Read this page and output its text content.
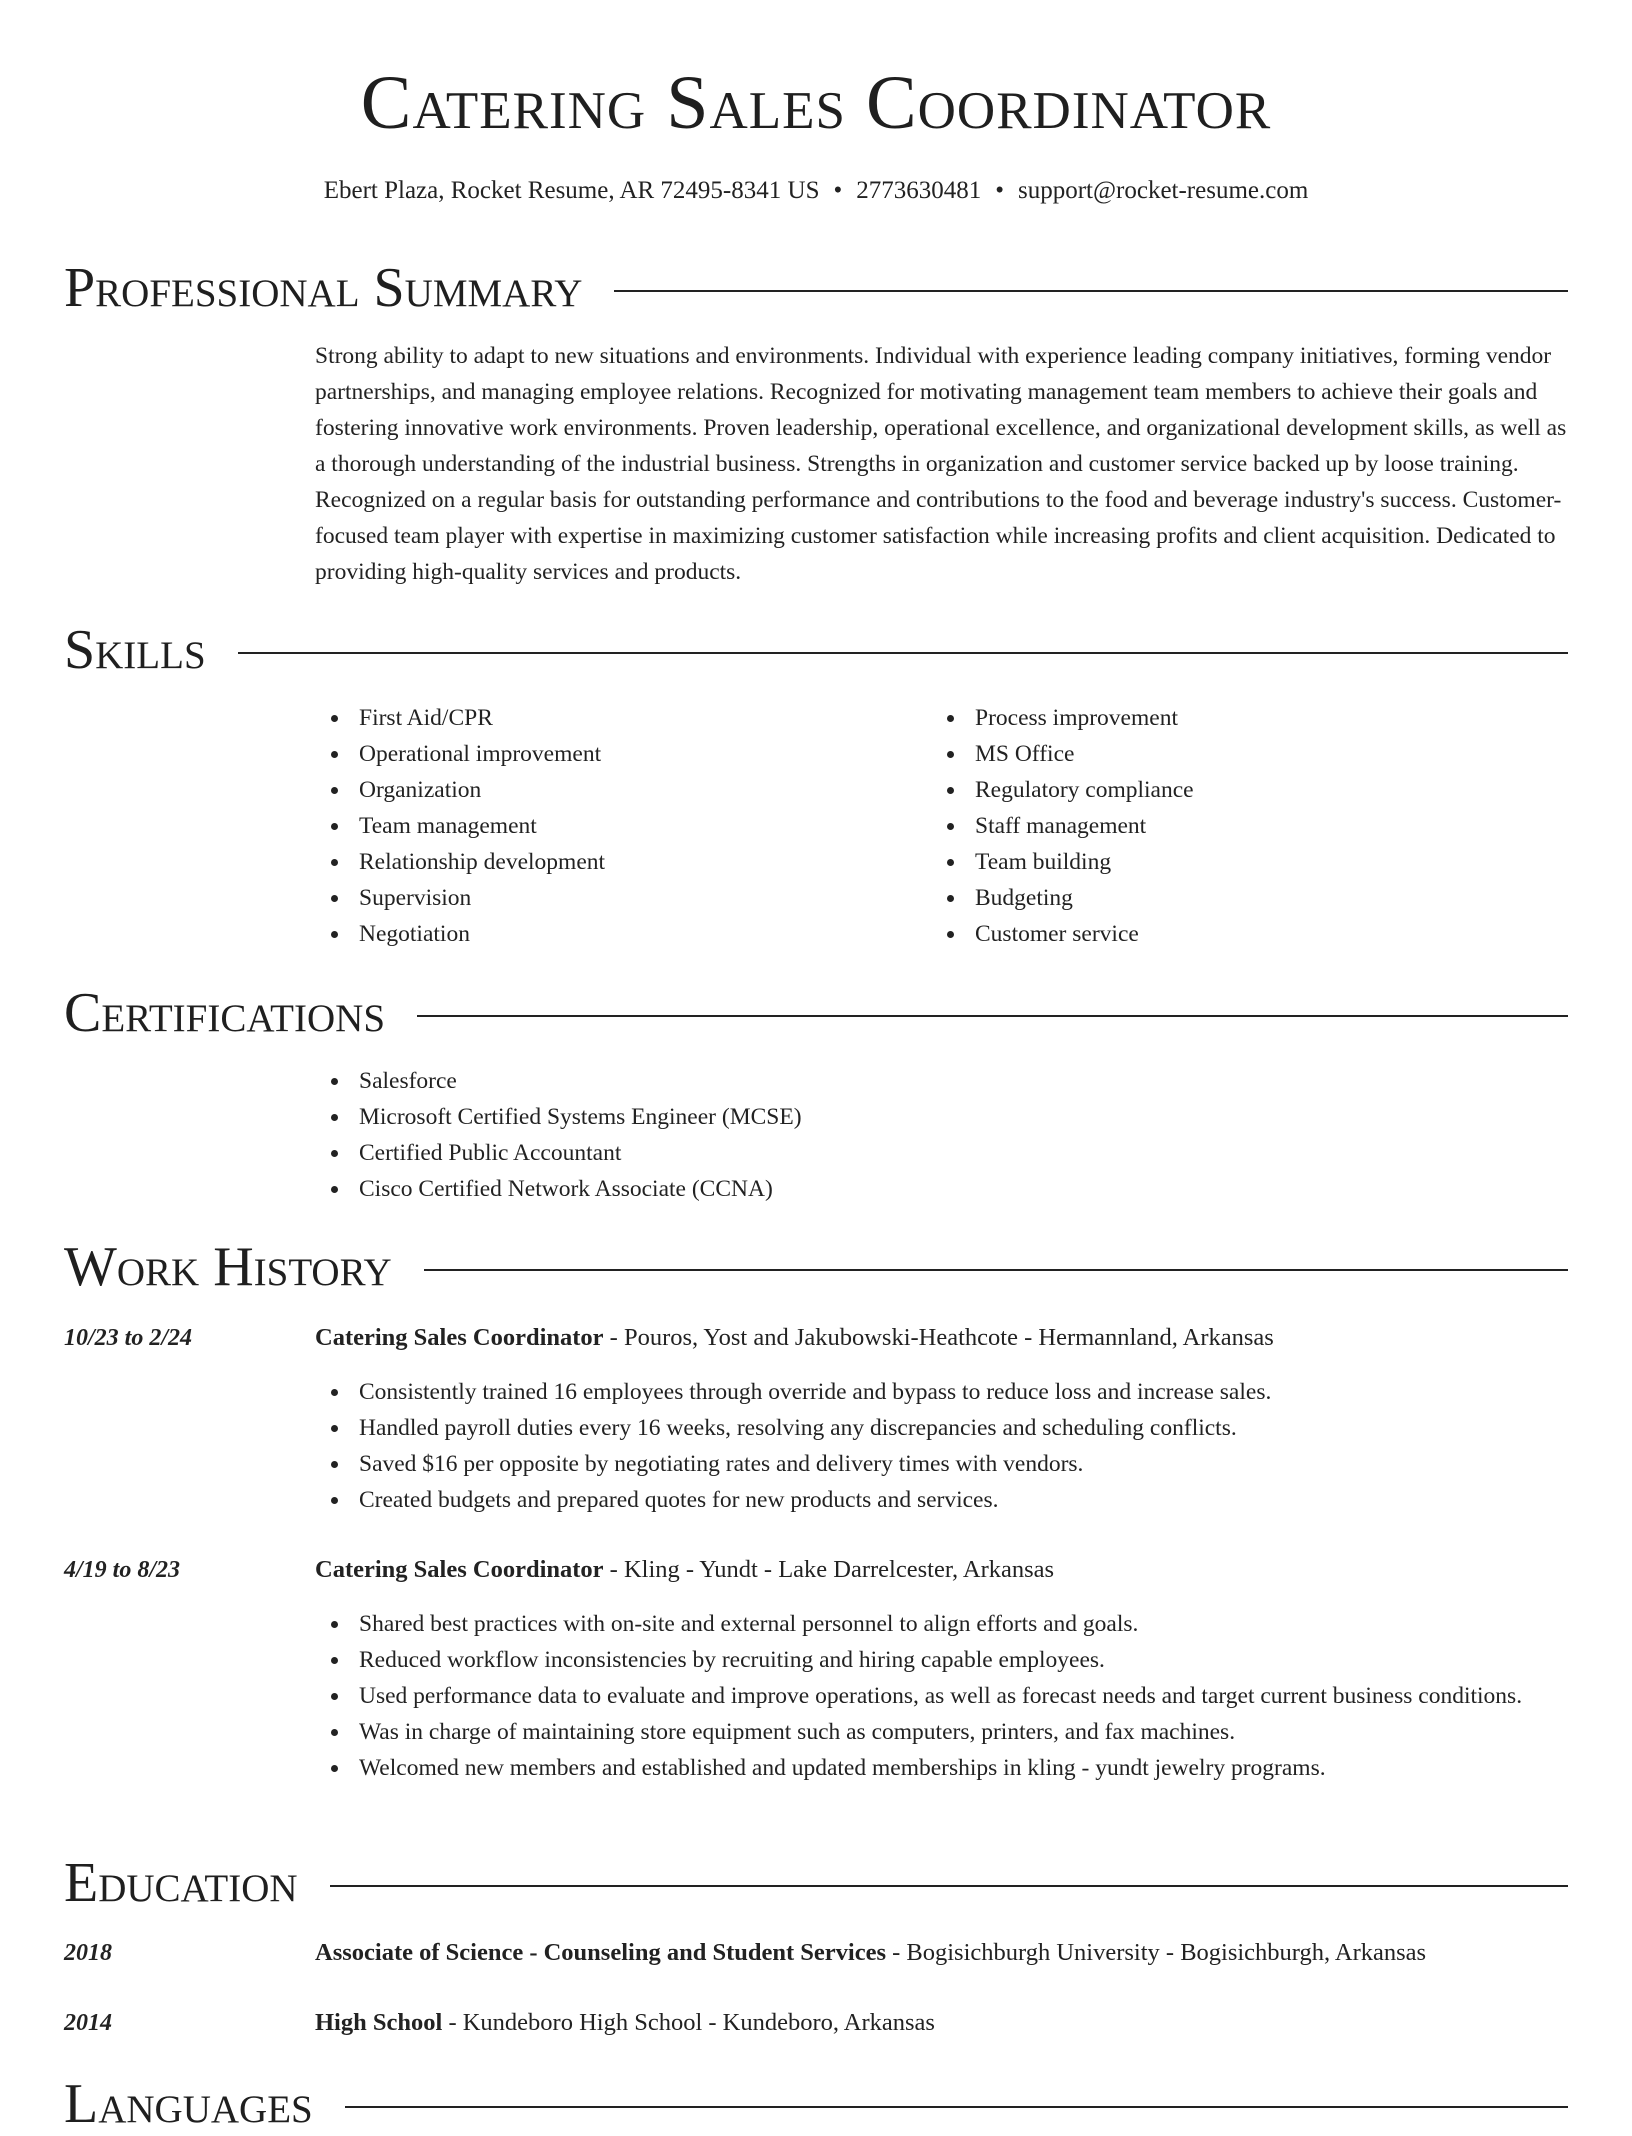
Catering Sales Coordinator
Ebert Plaza, Rocket Resume, AR 72495-8341 US • 2773630481 • support@rocket-resume.com
Professional Summary
Strong ability to adapt to new situations and environments. Individual with experience leading company initiatives, forming vendor partnerships, and managing employee relations. Recognized for motivating management team members to achieve their goals and fostering innovative work environments. Proven leadership, operational excellence, and organizational development skills, as well as a thorough understanding of the industrial business. Strengths in organization and customer service backed up by loose training. Recognized on a regular basis for outstanding performance and contributions to the food and beverage industry's success. Customer-focused team player with expertise in maximizing customer satisfaction while increasing profits and client acquisition. Dedicated to providing high-quality services and products.
Skills
First Aid/CPR
Operational improvement
Organization
Team management
Relationship development
Supervision
Negotiation
Process improvement
MS Office
Regulatory compliance
Staff management
Team building
Budgeting
Customer service
Certifications
Salesforce
Microsoft Certified Systems Engineer (MCSE)
Certified Public Accountant
Cisco Certified Network Associate (CCNA)
Work History
10/23 to 2/24	Catering Sales Coordinator - Pouros, Yost and Jakubowski-Heathcote - Hermannland, Arkansas
Consistently trained 16 employees through override and bypass to reduce loss and increase sales.
Handled payroll duties every 16 weeks, resolving any discrepancies and scheduling conflicts.
Saved $16 per opposite by negotiating rates and delivery times with vendors.
Created budgets and prepared quotes for new products and services.
4/19 to 8/23	Catering Sales Coordinator - Kling - Yundt - Lake Darrelcester, Arkansas
Shared best practices with on-site and external personnel to align efforts and goals.
Reduced workflow inconsistencies by recruiting and hiring capable employees.
Used performance data to evaluate and improve operations, as well as forecast needs and target current business conditions.
Was in charge of maintaining store equipment such as computers, printers, and fax machines.
Welcomed new members and established and updated memberships in kling - yundt jewelry programs.
Education
2018	Associate of Science - Counseling and Student Services - Bogisichburgh University - Bogisichburgh, Arkansas
2014	High School - Kundeboro High School - Kundeboro, Arkansas
Languages
